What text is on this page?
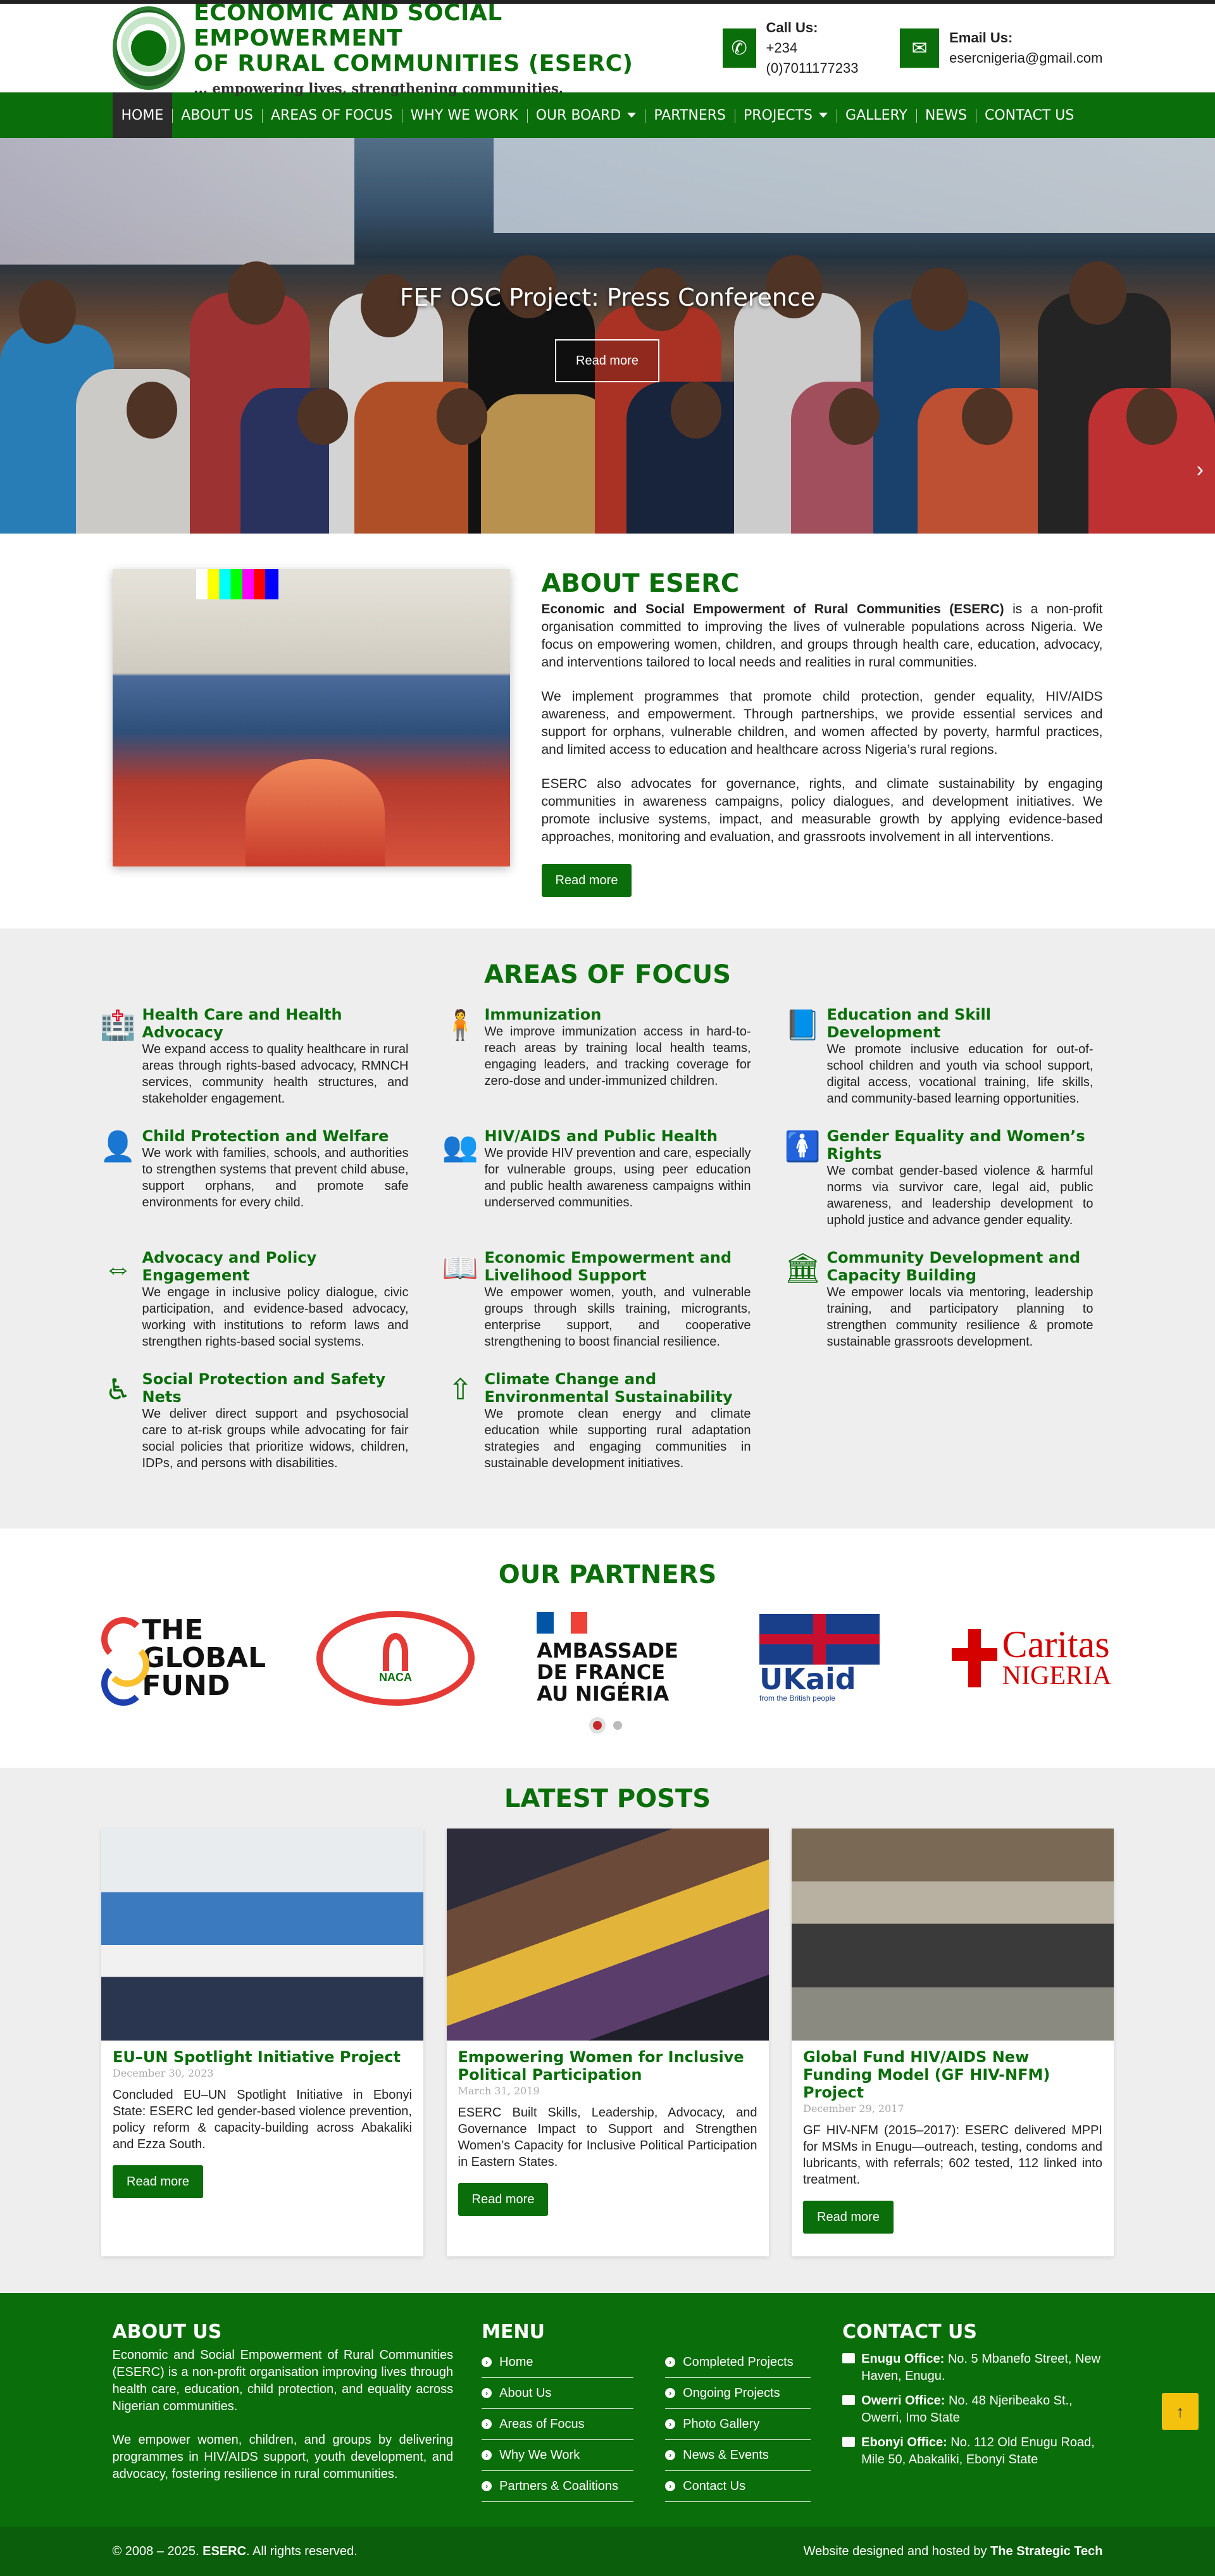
ECONOMIC AND SOCIAL EMPOWERMENT
OF RURAL COMMUNITIES (ESERC)
... empowering lives, strengthening communities.
✆
Call Us:
+234 (0)7011177233
✉	Email Us:
esercnigeria@gmail.com
HOME	ABOUT US	AREAS OF FOCUS	WHY WE WORK	OUR BOARD	PARTNERS	PROJECTS	GALLERY	NEWS	CONTACT US
FEF OSC Project: Press Conference
Read more
›
ABOUT ESERC

Economic and Social Empowerment of Rural Communities (ESERC) is a non-profit organisation committed to improving the lives of vulnerable populations across Nigeria. We focus on empowering women, children, and groups through health care, education, advocacy, and interventions tailored to local needs and realities in rural communities.

We implement programmes that promote child protection, gender equality, HIV/AIDS awareness, and empowerment. Through partnerships, we provide essential services and support for orphans, vulnerable children, and women affected by poverty, harmful practices, and limited access to education and healthcare across Nigeria’s rural regions.

ESERC also advocates for governance, rights, and climate sustainability by engaging communities in awareness campaigns, policy dialogues, and development initiatives. We promote inclusive systems, impact, and measurable growth by applying evidence-based approaches, monitoring and evaluation, and grassroots involvement in all interventions.

Read more
AREAS OF FOCUS
🏥 Health Care and Health Advocacy

We expand access to quality healthcare in rural areas through rights-based advocacy, RMNCH services, community health structures, and stakeholder engagement.

🧍 Immunization

We improve immunization access in hard-to-reach areas by training local health teams, engaging leaders, and tracking coverage for zero-dose and under-immunized children.

📘 Education and Skill Development

We promote inclusive education for out-of-school children and youth via school support, digital access, vocational training, life skills, and community-based learning opportunities.

👤 Child Protection and Welfare

We work with families, schools, and authorities to strengthen systems that prevent child abuse, support orphans, and promote safe environments for every child.

👥 HIV/AIDS and Public Health

We provide HIV prevention and care, especially for vulnerable groups, using peer education and public health awareness campaigns within underserved communities.

🚺 Gender Equality and Women’s Rights

We combat gender-based violence & harmful norms via survivor care, legal aid, public awareness, and leadership development to uphold justice and advance gender equality.

⇔ Advocacy and Policy Engagement

We engage in inclusive policy dialogue, civic participation, and evidence-based advocacy, working with institutions to reform laws and strengthen rights-based social systems.

📖 Economic Empowerment and Livelihood Support

We empower women, youth, and vulnerable groups through skills training, microgrants, enterprise support, and cooperative strengthening to boost financial resilience.

🏛 Community Development and Capacity Building

We empower locals via mentoring, leadership training, and participatory planning to strengthen community resilience & promote sustainable grassroots development.

♿ Social Protection and Safety Nets

We deliver direct support and psychosocial care to at-risk groups while advocating for fair social policies that prioritize widows, children, IDPs, and persons with disabilities.

⇧ Climate Change and Environmental Sustainability

We promote clean energy and climate education while supporting rural adaptation strategies and engaging communities in sustainable development initiatives.

OUR PARTNERS
THE
GLOBAL
FUND	NACA
AMBASSADE
DE FRANCE
AU NIGÉRIA	UKaid
from the British people
Caritas
NIGERIA
LATEST POSTS
EU–UN Spotlight Initiative Project
December 30, 2023

Concluded EU–UN Spotlight Initiative in Ebonyi State: ESERC led gender-based violence prevention, policy reform & capacity-building across Abakaliki and Ezza South.

Read more
Empowering Women for Inclusive Political Participation
March 31, 2019

ESERC Built Skills, Leadership, Advocacy, and Governance Impact to Support and Strengthen Women’s Capacity for Inclusive Political Participation in Eastern States.

Read more
Global Fund HIV/AIDS New Funding Model (GF HIV-NFM) Project
December 29, 2017

GF HIV-NFM (2015–2017): ESERC delivered MPPI for MSMs in Enugu—outreach, testing, condoms and lubricants, with referrals; 602 tested, 112 linked into treatment.

Read more
ABOUT US

Economic and Social Empowerment of Rural Communities (ESERC) is a non-profit organisation improving lives through health care, education, child protection, and equality across Nigerian communities.

We empower women, children, and groups by delivering programmes in HIV/AIDS support, youth development, and advocacy, fostering resilience in rural communities.

MENU
› Home
› About Us
› Areas of Focus
› Why We Work
› Partners & Coalitions
› Completed Projects
› Ongoing Projects
› Photo Gallery
› News & Events
› Contact Us
CONTACT US
Enugu Office: No. 5 Mbanefo Street, New Haven, Enugu.
Owerri Office: No. 48 Njeribeako St., Owerri, Imo State
Ebonyi Office: No. 112 Old Enugu Road, Mile 50, Abakaliki, Ebonyi State
© 2008 – 2025. ESERC. All rights reserved.	Website designed and hosted by The Strategic Tech
↑
